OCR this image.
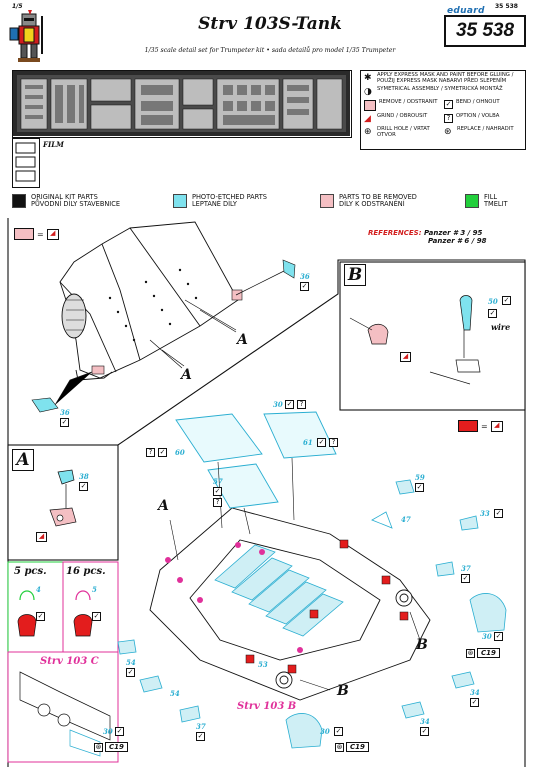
1/5	35 538
Strv 103S-Tank
1/35 scale detail set for Trumpeter kit • sada detailů pro model 1/35 Trumpeter
eduard
35 538
FILM
✱	APPLY EXPRESS MASK AND PAINT BEFORE GLUING / POUŽIJ EXPRESS MASK NABARVI PŘED SLEPENÍM
◑ SYMETRICAL ASSEMBLY / SYMETRICKÁ MONTÁŽ
REMOVE / ODSTRANIT	✓ BEND / OHNOUT
◢	GRIND / OBROUSIT	?	OPTION / VOLBA
⊕	DRILL HOLE / VRTAT OTVOR	⊛	REPLACE / NAHRADIT
ORIGINAL KIT PARTS
PŮVODNÍ DÍLY STAVEBNICE
PHOTO-ETCHED PARTS
LEPTANÉ DÍLY
PARTS TO BE REMOVED
DÍLY K ODSTRANĚNÍ
FILL
TMELIT
REFERENCES: Panzer # 3 / 95
Panzer # 6 / 98
= ◢
A
A
36
✓
36
✓
B
50 ✓
wire
✓
◢
= ◢
A
38
✓
◢
5 pcs. 16 pcs.
4	5
✓	✓
Strv 103 C
Strv 103 B
30 ✓	?
61 ✓	?
?	✓ 60
57
✓
?
59
✓
47
33 ✓
37
✓
A
B
B
30 ✓
⊛	C19
54
✓
54
53
34
✓
34
✓
37
✓	30 ✓
⊛	C19
30 ✓
⊛	C19
